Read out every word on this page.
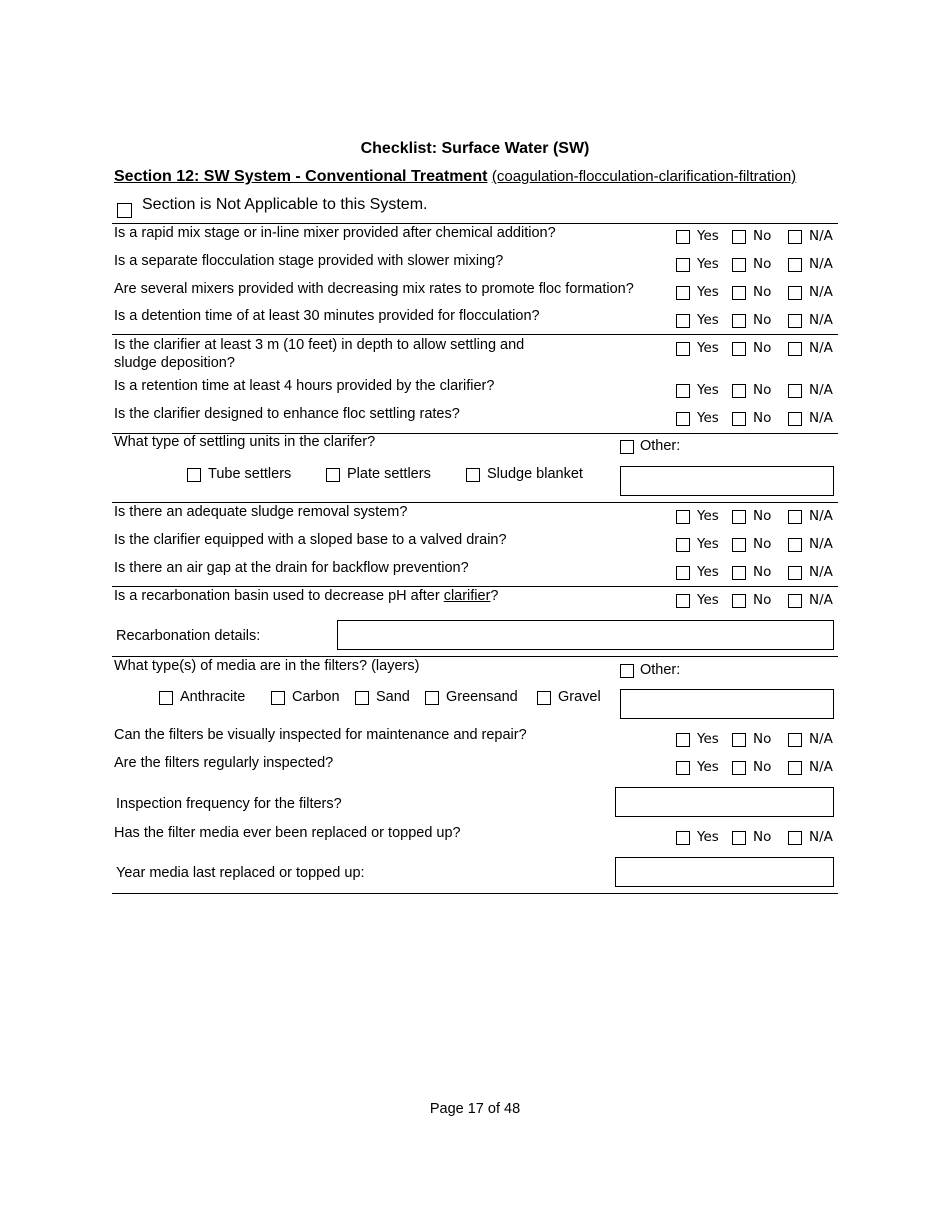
Checklist: Surface Water (SW)
Section 12: SW System - Conventional Treatment (coagulation-flocculation-clarification-filtration)
Section is Not Applicable to this System.
Is a rapid mix stage or in-line mixer provided after chemical addition?	Yes	No	N/A
Is a separate flocculation stage provided with slower mixing?	Yes	No	N/A
Are several mixers provided with decreasing mix rates to promote floc formation?	Yes	No	N/A
Is a detention time of at least 30 minutes provided for flocculation?	Yes	No	N/A
Is the clarifier at least 3 m (10 feet) in depth to allow settling and
sludge deposition?
Yes	No	N/A
Is a retention time at least 4 hours provided by the clarifier?	Yes	No	N/A
Is the clarifier designed to enhance floc settling rates?	Yes	No	N/A
What type of settling units in the clarifer?	Other:
Tube settlers	Plate settlers	Sludge blanket
Is there an adequate sludge removal system?	Yes	No	N/A
Is the clarifier equipped with a sloped base to a valved drain?	Yes	No	N/A
Is there an air gap at the drain for backflow prevention?	Yes	No	N/A
Is a recarbonation basin used to decrease pH after clarifier?	Yes	No	N/A
Recarbonation details:
What type(s) of media are in the filters? (layers)	Other:
Anthracite	Carbon	Sand Greensand	Gravel
Can the filters be visually inspected for maintenance and repair?	Yes	No	N/A
Are the filters regularly inspected?	Yes	No	N/A
Inspection frequency for the filters?
Has the filter media ever been replaced or topped up?	Yes	No	N/A
Year media last replaced or topped up:
Page 17 of 48
